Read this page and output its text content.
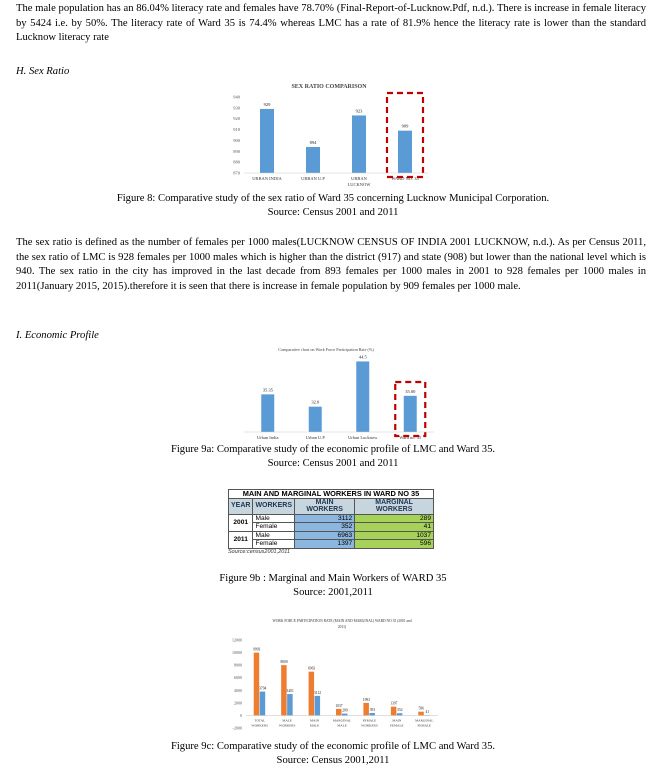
The male population has an 86.04% literacy rate and females have 78.70% (Final-Report-of-Lucknow.Pdf, n.d.). There is increase in female literacy by 5424 i.e. by 50%. The literacy rate of Ward 35 is 74.4% whereas LMC has a rate of 81.9% hence the literacy rate is lower than the standard Lucknow literacy rate
H. Sex Ratio
SEX RATIO COMPARISON
940
930
920
910
900
890
880
870
929
URBAN INDIA
894
URBAN U.P
923
URBAN
LUCKNOW
909
WARD NO. 35
Figure 8: Comparative study of the sex ratio of Ward 35 concerning Lucknow Municipal Corporation.
Source: Census 2001 and 2011
The sex ratio is defined as the number of females per 1000 males(LUCKNOW CENSUS OF INDIA 2001 LUCKNOW, n.d.). As per Census 2011, the sex ratio of LMC is 928 females per 1000 males which is higher than the district (917) and state (908) but lower than the national level which is 940. The sex ratio in the city has improved in the last decade from 893 females per 1000 males in 2001 to 928 females per 1000 males in 2011(January 2015, 2015).therefore it is seen that there is increase in female population by 909 females per 1000 male.
I. Economic Profile
Comparative chart on Work Force Participation Rate (%)
35.35
Urban India
32.0
Urban U.P
44.5
Urban Lucknow
35.00
Ward no. 35
Figure 9a: Comparative study of the economic profile of LMC and Ward 35.
Source: Census 2001 and 2011
MAIN AND MARGINAL WORKERS IN WARD NO 35			
YEAR	WORKERS	MAIN WORKERS	MARGINAL WORKERS
2001	Male	3112	289
	Female	352	41
2011	Male	6963	1037
	Female	1397	596
Source:census2001,2011
Figure 9b : Marginal and Main Workers of WARD 35
Source: 2001,2011
WORK FORCE PARTICIPATION RATE (MAIN AND MARGINAL) WARD NO 35 (2001 and
2011)
12000
10000
8000
6000
4000
2000
0
-2000
9993
3794
TOTAL
WORKERS
8000
3401
MALE
WORKERS
6963
3112
MAIN
MALE
1037
289
MARGINAL
MALE
1993
393
FEMALE
WORKERS
1397
352
MAIN
FEMALE
596
41
MARGINAL
FEMALE
Figure 9c: Comparative study of the economic profile of LMC and Ward 35.
Source: Census 2001,2011
